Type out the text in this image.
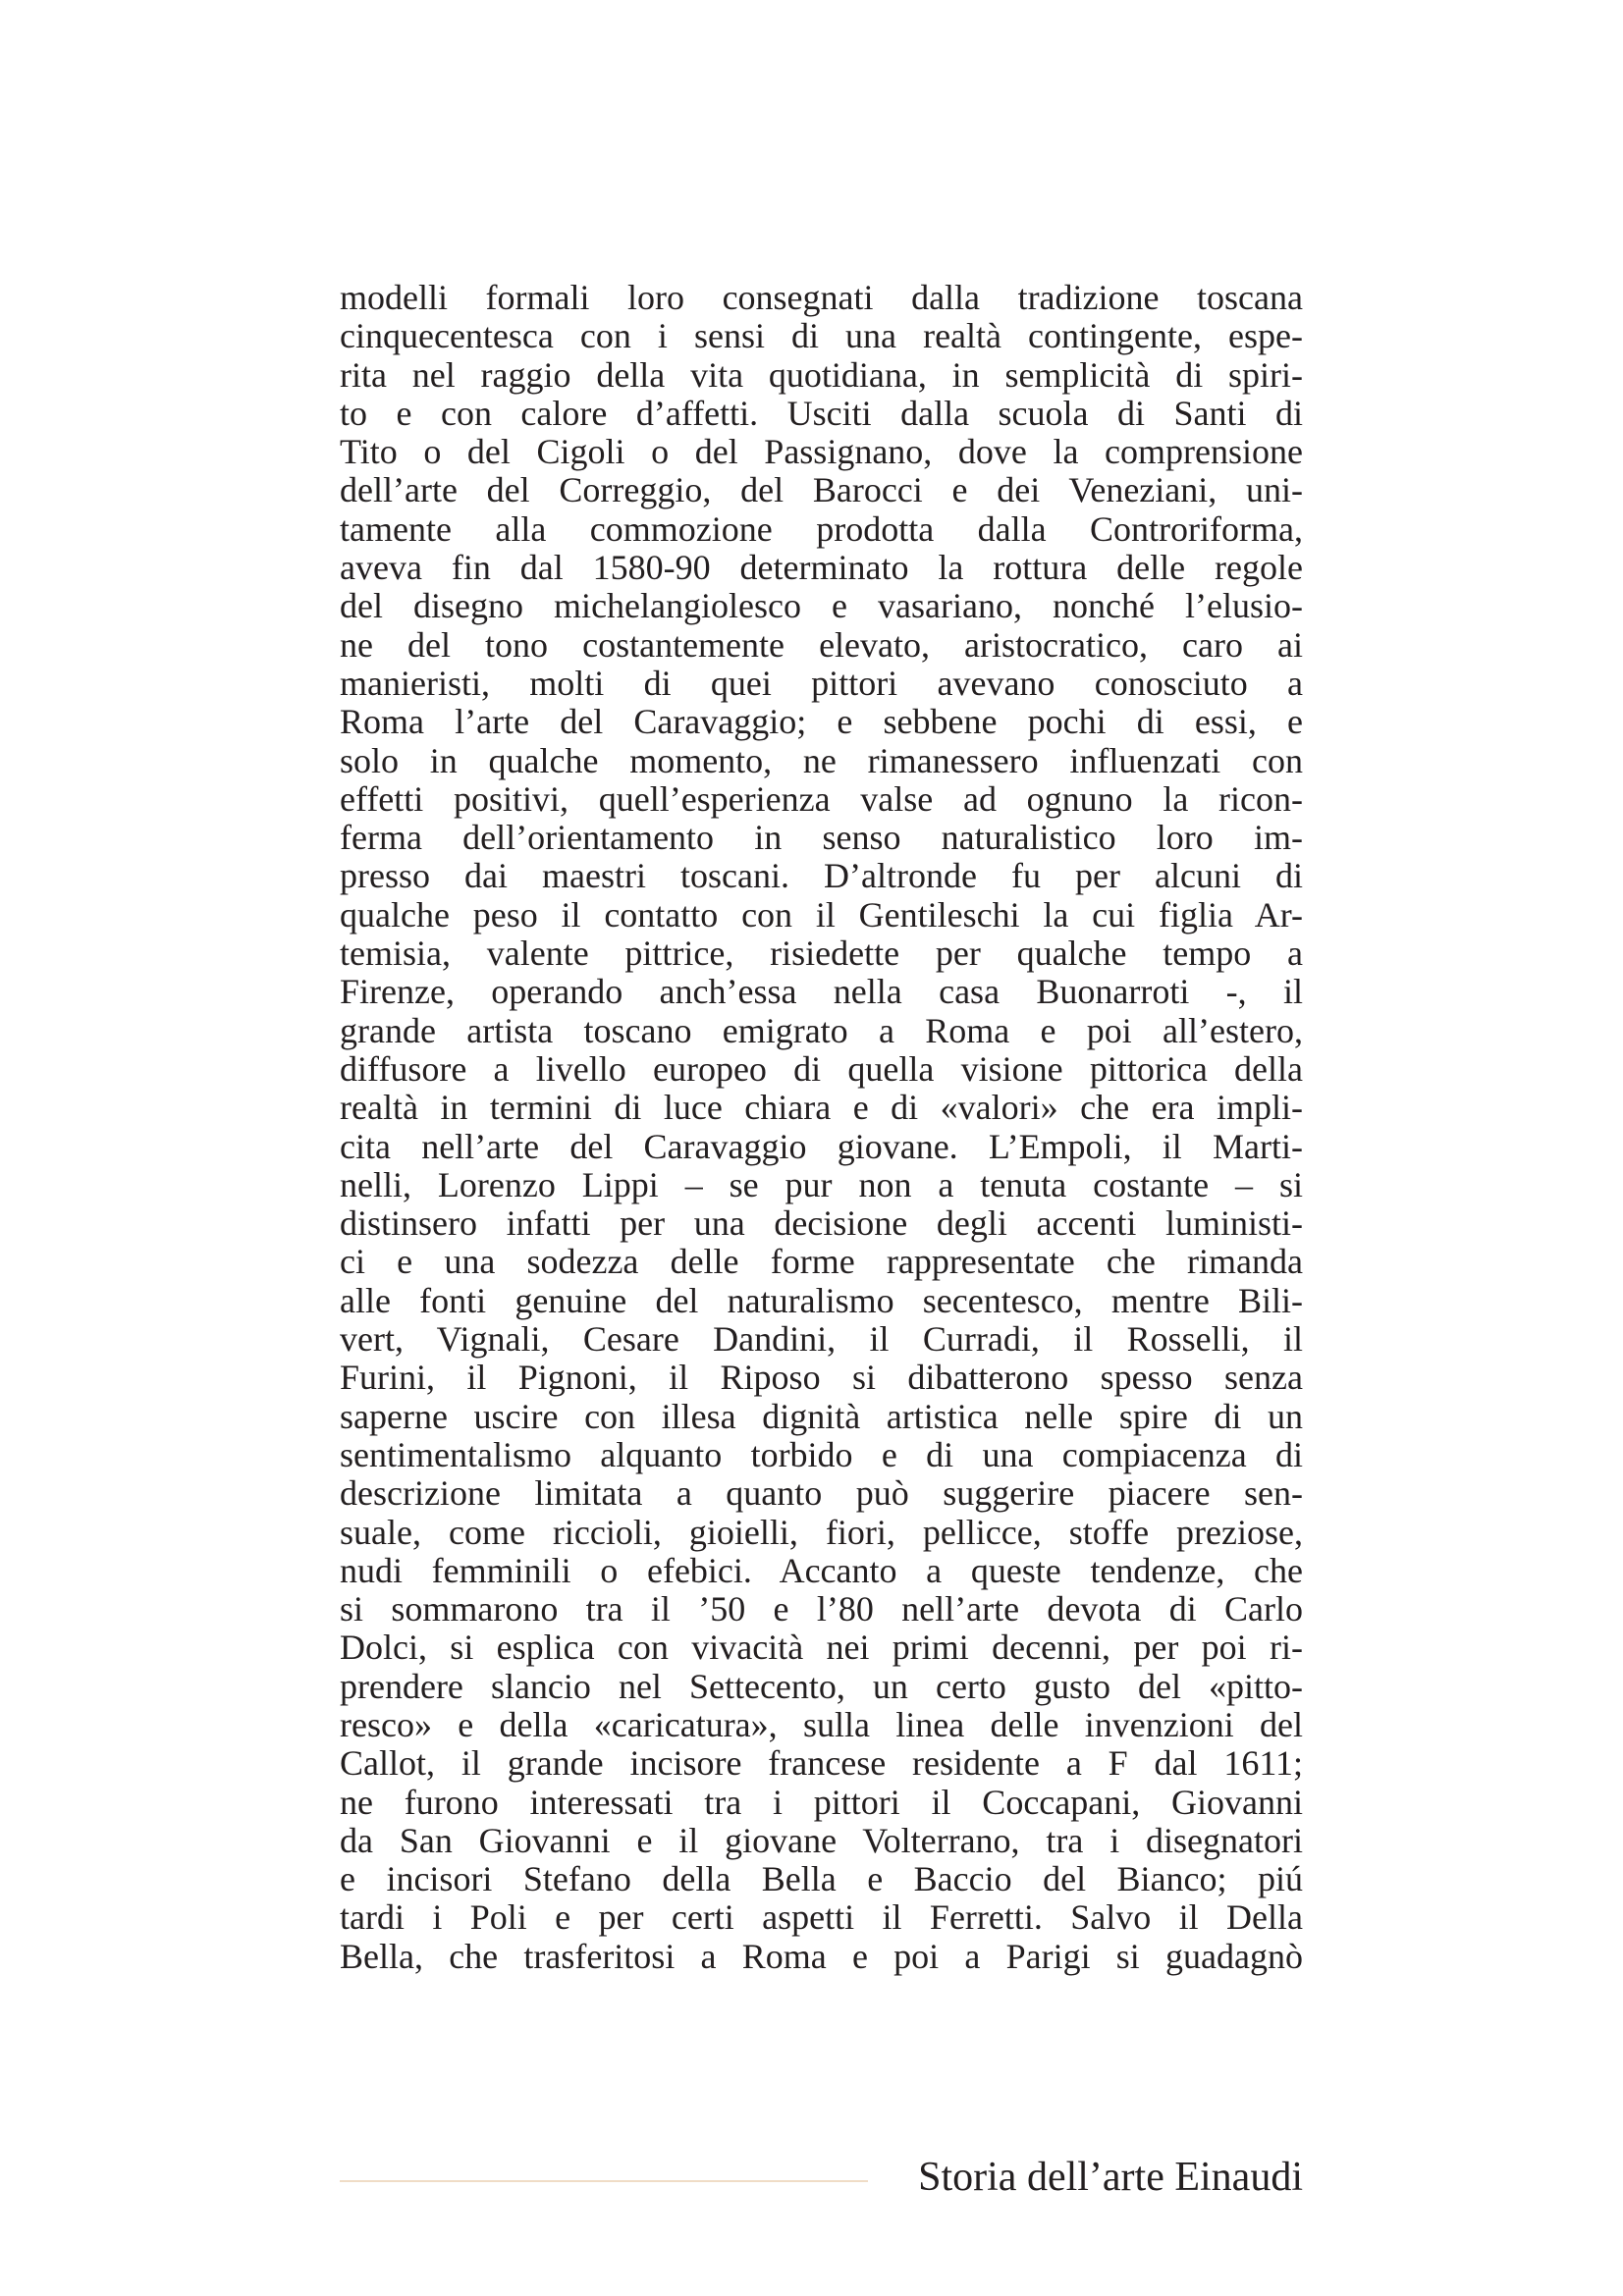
modelli formali loro consegnati dalla tradizione toscana
cinquecentesca con i sensi di una realtà contingente, espe-
rita nel raggio della vita quotidiana, in semplicità di spiri-
to e con calore d’affetti. Usciti dalla scuola di Santi di
Tito o del Cigoli o del Passignano, dove la comprensione
dell’arte del Correggio, del Barocci e dei Veneziani, uni-
tamente alla commozione prodotta dalla Controriforma,
aveva fin dal 1580-90 determinato la rottura delle regole
del disegno michelangiolesco e vasariano, nonché l’elusio-
ne del tono costantemente elevato, aristocratico, caro ai
manieristi, molti di quei pittori avevano conosciuto a
Roma l’arte del Caravaggio; e sebbene pochi di essi, e
solo in qualche momento, ne rimanessero influenzati con
effetti positivi, quell’esperienza valse ad ognuno la ricon-
ferma dell’orientamento in senso naturalistico loro im-
presso dai maestri toscani. D’altronde fu per alcuni di
qualche peso il contatto con il Gentileschi la cui figlia Ar-
temisia, valente pittrice, risiedette per qualche tempo a
Firenze, operando anch’essa nella casa Buonarroti -, il
grande artista toscano emigrato a Roma e poi all’estero,
diffusore a livello europeo di quella visione pittorica della
realtà in termini di luce chiara e di «valori» che era impli-
cita nell’arte del Caravaggio giovane. L’Empoli, il Marti-
nelli, Lorenzo Lippi – se pur non a tenuta costante – si
distinsero infatti per una decisione degli accenti luministi-
ci e una sodezza delle forme rappresentate che rimanda
alle fonti genuine del naturalismo secentesco, mentre Bili-
vert, Vignali, Cesare Dandini, il Curradi, il Rosselli, il
Furini, il Pignoni, il Riposo si dibatterono spesso senza
saperne uscire con illesa dignità artistica nelle spire di un
sentimentalismo alquanto torbido e di una compiacenza di
descrizione limitata a quanto può suggerire piacere sen-
suale, come riccioli, gioielli, fiori, pellicce, stoffe preziose,
nudi femminili o efebici. Accanto a queste tendenze, che
si sommarono tra il ’50 e l’80 nell’arte devota di Carlo
Dolci, si esplica con vivacità nei primi decenni, per poi ri-
prendere slancio nel Settecento, un certo gusto del «pitto-
resco» e della «caricatura», sulla linea delle invenzioni del
Callot, il grande incisore francese residente a F dal 1611;
ne furono interessati tra i pittori il Coccapani, Giovanni
da San Giovanni e il giovane Volterrano, tra i disegnatori
e incisori Stefano della Bella e Baccio del Bianco; piú
tardi i Poli e per certi aspetti il Ferretti. Salvo il Della
Bella, che trasferitosi a Roma e poi a Parigi si guadagnò
Storia dell’arte Einaudi
